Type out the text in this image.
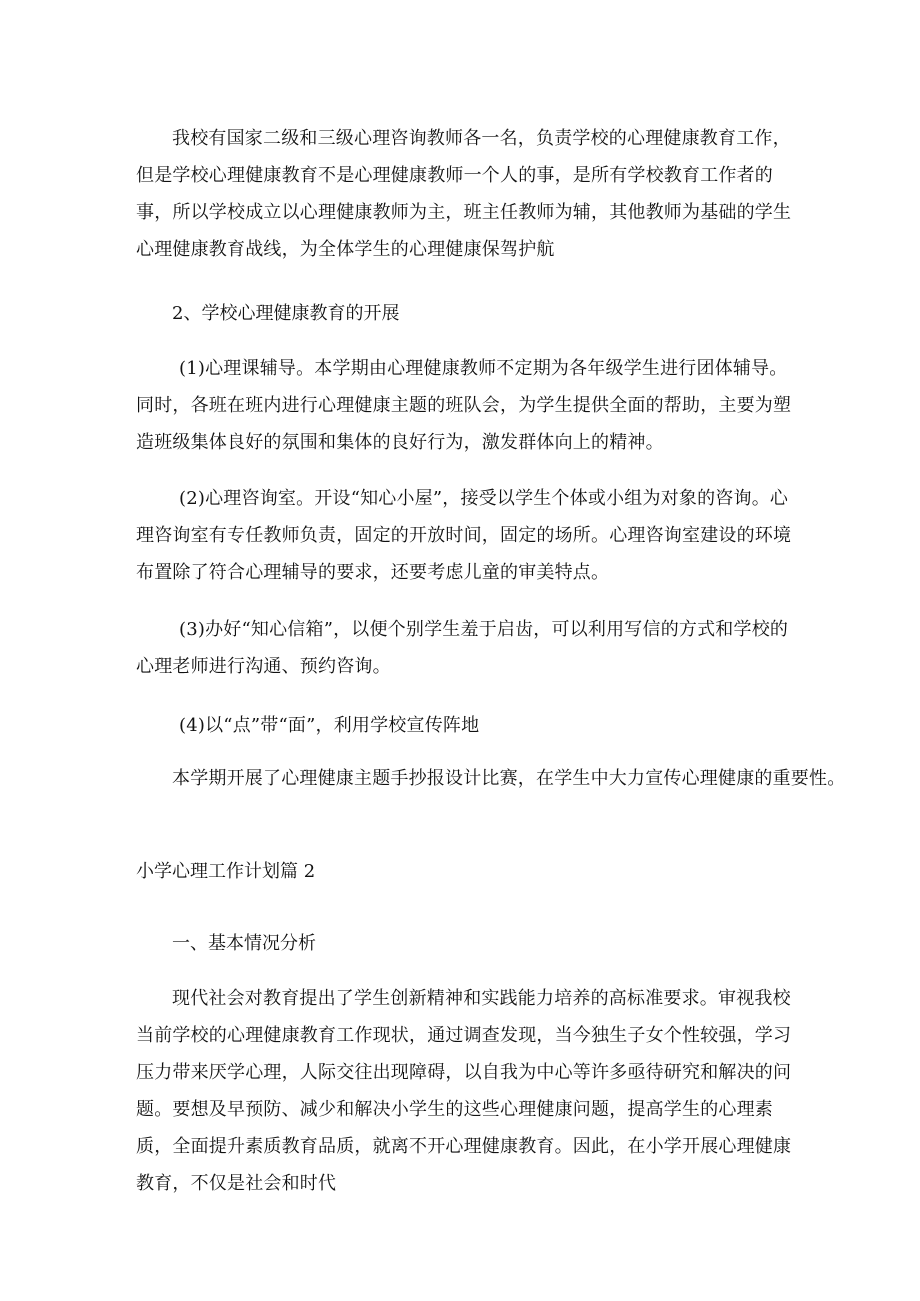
我校有国家二级和三级心理咨询教师各一名，负责学校的心理健康教育工作，但是学校心理健康教育不是心理健康教师一个人的事，是所有学校教育工作者的事，所以学校成立以心理健康教师为主，班主任教师为辅，其他教师为基础的学生心理健康教育战线，为全体学生的心理健康保驾护航

2、学校心理健康教育的开展

(1)心理课辅导。本学期由心理健康教师不定期为各年级学生进行团体辅导。同时，各班在班内进行心理健康主题的班队会，为学生提供全面的帮助，主要为塑造班级集体良好的氛围和集体的良好行为，激发群体向上的精神。

(2)心理咨询室。开设“知心小屋”，接受以学生个体或小组为对象的咨询。心理咨询室有专任教师负责，固定的开放时间，固定的场所。心理咨询室建设的环境布置除了符合心理辅导的要求，还要考虑儿童的审美特点。

(3)办好“知心信箱”，以便个别学生羞于启齿，可以利用写信的方式和学校的心理老师进行沟通、预约咨询。

(4)以“点”带“面”，利用学校宣传阵地

本学期开展了心理健康主题手抄报设计比赛，在学生中大力宣传心理健康的重要性。

小学心理工作计划篇 2
一、基本情况分析

现代社会对教育提出了学生创新精神和实践能力培养的高标准要求。审视我校当前学校的心理健康教育工作现状，通过调查发现，当今独生子女个性较强，学习压力带来厌学心理，人际交往出现障碍，以自我为中心等许多亟待研究和解决的问题。要想及早预防、减少和解决小学生的这些心理健康问题，提高学生的心理素质，全面提升素质教育品质，就离不开心理健康教育。因此，在小学开展心理健康教育，不仅是社会和时代
